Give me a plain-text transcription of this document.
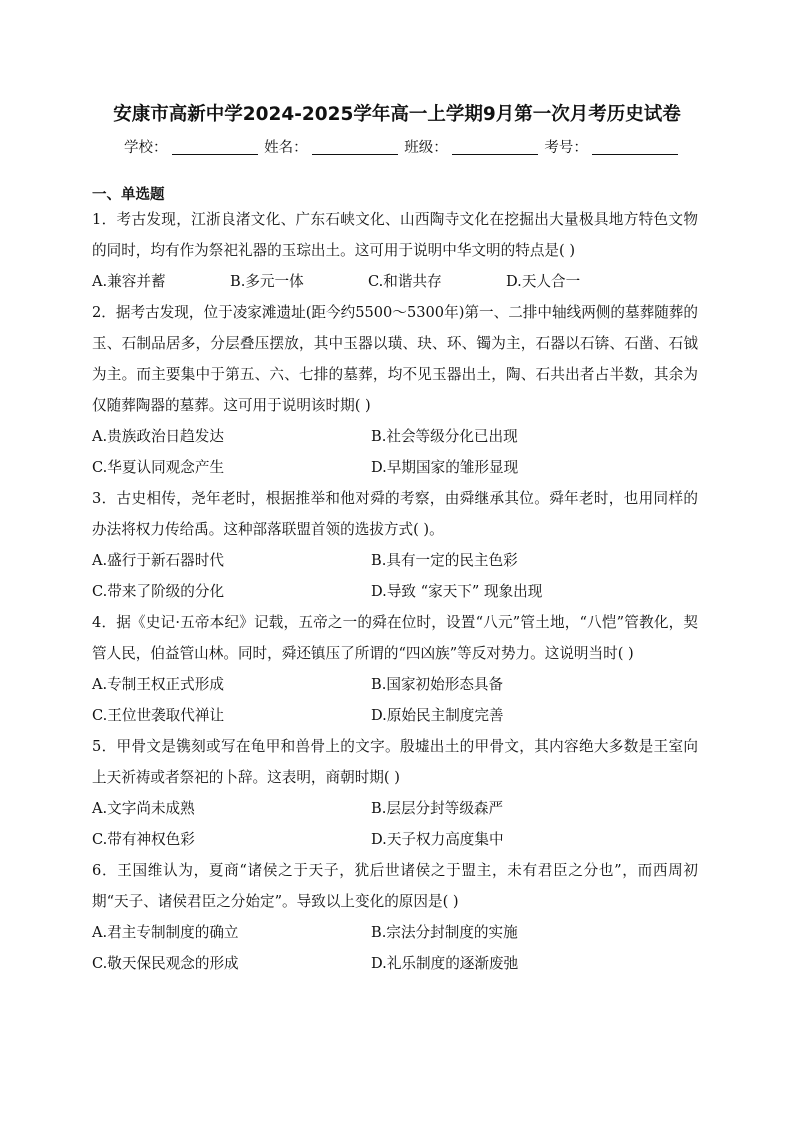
安康市高新中学2024-2025学年高一上学期9月第一次月考历史试卷
学校：	姓名：	班级：	考号：
一、单选题

1．考古发现，江浙良渚文化、广东石峡文化、山西陶寺文化在挖掘出大量极具地方特色文物的同时，均有作为祭祀礼器的玉琮出土。这可用于说明中华文明的特点是( )

A.兼容并蓄	B.多元一体	C.和谐共存	D.天人合一

2．据考古发现，位于凌家滩遗址(距今约5500～5300年)第一、二排中轴线两侧的墓葬随葬的玉、石制品居多，分层叠压摆放，其中玉器以璜、玦、环、镯为主，石器以石锛、石凿、石钺为主。而主要集中于第五、六、七排的墓葬，均不见玉器出土，陶、石共出者占半数，其余为仅随葬陶器的墓葬。这可用于说明该时期( )

A.贵族政治日趋发达	B.社会等级分化已出现
C.华夏认同观念产生	D.早期国家的雏形显现

3．古史相传，尧年老时，根据推举和他对舜的考察，由舜继承其位。舜年老时，也用同样的办法将权力传给禹。这种部落联盟首领的选拔方式( )。

A.盛行于新石器时代	B.具有一定的民主色彩
C.带来了阶级的分化	D.导致 “家天下” 现象出现

4．据《史记·五帝本纪》记载，五帝之一的舜在位时，设置“八元”管土地，“八恺”管教化，契管人民，伯益管山林。同时，舜还镇压了所谓的“四凶族”等反对势力。这说明当时( )

A.专制王权正式形成	B.国家初始形态具备
C.王位世袭取代禅让	D.原始民主制度完善

5．甲骨文是镌刻或写在龟甲和兽骨上的文字。殷墟出土的甲骨文，其内容绝大多数是王室向上天祈祷或者祭祀的卜辞。这表明，商朝时期( )

A.文字尚未成熟	B.层层分封等级森严
C.带有神权色彩	D.天子权力高度集中

6．王国维认为，夏商“诸侯之于天子，犹后世诸侯之于盟主，未有君臣之分也”，而西周初期“天子、诸侯君臣之分始定”。导致以上变化的原因是( )

A.君主专制制度的确立	B.宗法分封制度的实施
C.敬天保民观念的形成	D.礼乐制度的逐渐废弛
